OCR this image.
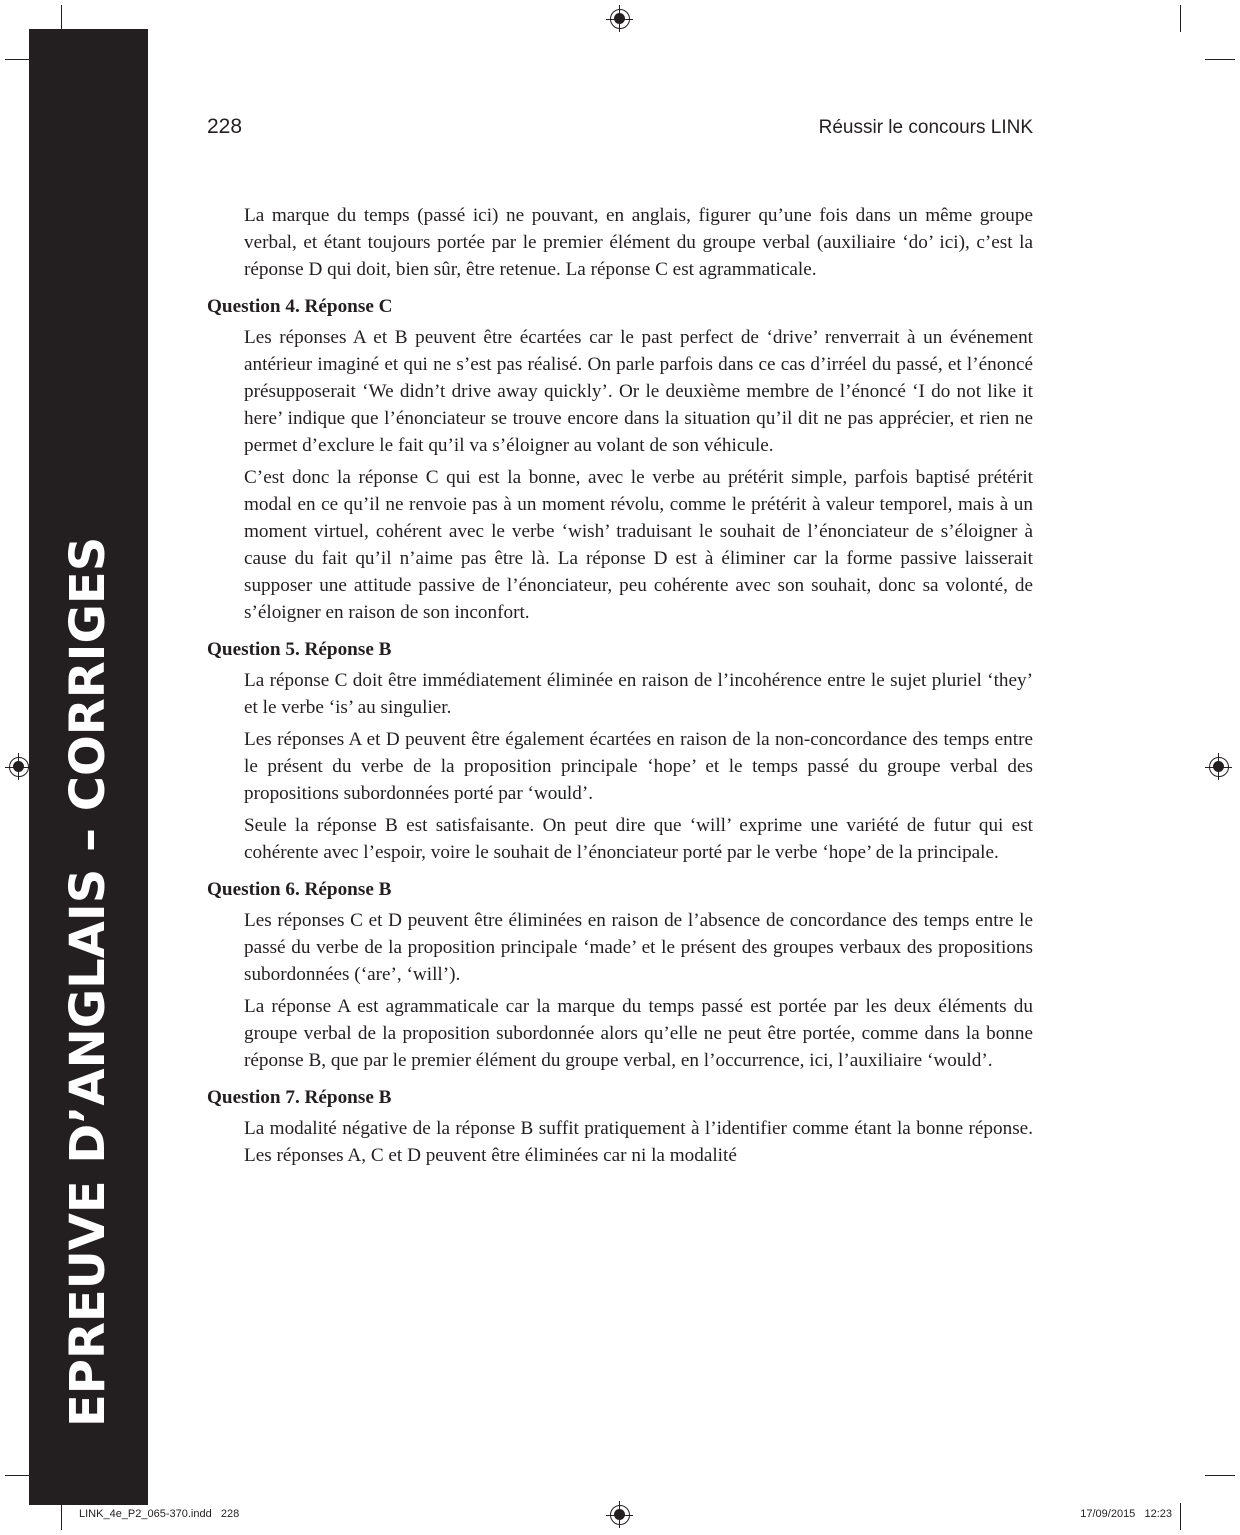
EPREUVE D’ANGLAIS – CORRIGES
228	Réussir le concours LINK

La marque du temps (passé ici) ne pouvant, en anglais, figurer qu’une fois dans un même groupe verbal, et étant toujours portée par le premier élément du groupe verbal (auxiliaire ‘do’ ici), c’est la réponse D qui doit, bien sûr, être retenue. La réponse C est agrammaticale.

Question 4. Réponse C

Les réponses A et B peuvent être écartées car le past perfect de ‘drive’ renverrait à un événement antérieur imaginé et qui ne s’est pas réalisé. On parle parfois dans ce cas d’irréel du passé, et l’énoncé présupposerait ‘We didn’t drive away quickly’. Or le deuxième membre de l’énoncé ‘I do not like it here’ indique que l’énonciateur se trouve encore dans la situation qu’il dit ne pas apprécier, et rien ne permet d’exclure le fait qu’il va s’éloigner au volant de son véhicule.

C’est donc la réponse C qui est la bonne, avec le verbe au prétérit simple, parfois baptisé prétérit modal en ce qu’il ne renvoie pas à un moment révolu, comme le prétérit à valeur temporel, mais à un moment virtuel, cohérent avec le verbe ‘wish’ traduisant le souhait de l’énonciateur de s’éloigner à cause du fait qu’il n’aime pas être là. La réponse D est à éliminer car la forme passive laisserait supposer une attitude passive de l’énonciateur, peu cohérente avec son souhait, donc sa volonté, de s’éloigner en raison de son inconfort.

Question 5. Réponse B

La réponse C doit être immédiatement éliminée en raison de l’incohérence entre le sujet pluriel ‘they’ et le verbe ‘is’ au singulier.

Les réponses A et D peuvent être également écartées en raison de la non-concordance des temps entre le présent du verbe de la proposition principale ‘hope’ et le temps passé du groupe verbal des propositions subordonnées porté par ‘would’.

Seule la réponse B est satisfaisante. On peut dire que ‘will’ exprime une variété de futur qui est cohérente avec l’espoir, voire le souhait de l’énonciateur porté par le verbe ‘hope’ de la principale.

Question 6. Réponse B

Les réponses C et D peuvent être éliminées en raison de l’absence de concordance des temps entre le passé du verbe de la proposition principale ‘made’ et le présent des groupes verbaux des propositions subordonnées (‘are’, ‘will’).

La réponse A est agrammaticale car la marque du temps passé est portée par les deux éléments du groupe verbal de la proposition subordonnée alors qu’elle ne peut être portée, comme dans la bonne réponse B, que par le premier élément du groupe verbal, en l’occurrence, ici, l’auxiliaire ‘would’.

Question 7. Réponse B

La modalité négative de la réponse B suffit pratiquement à l’identifier comme étant la bonne réponse. Les réponses A, C et D peuvent être éliminées car ni la modalité

LINK_4e_P2_065-370.indd   228	17/09/2015   12:23
